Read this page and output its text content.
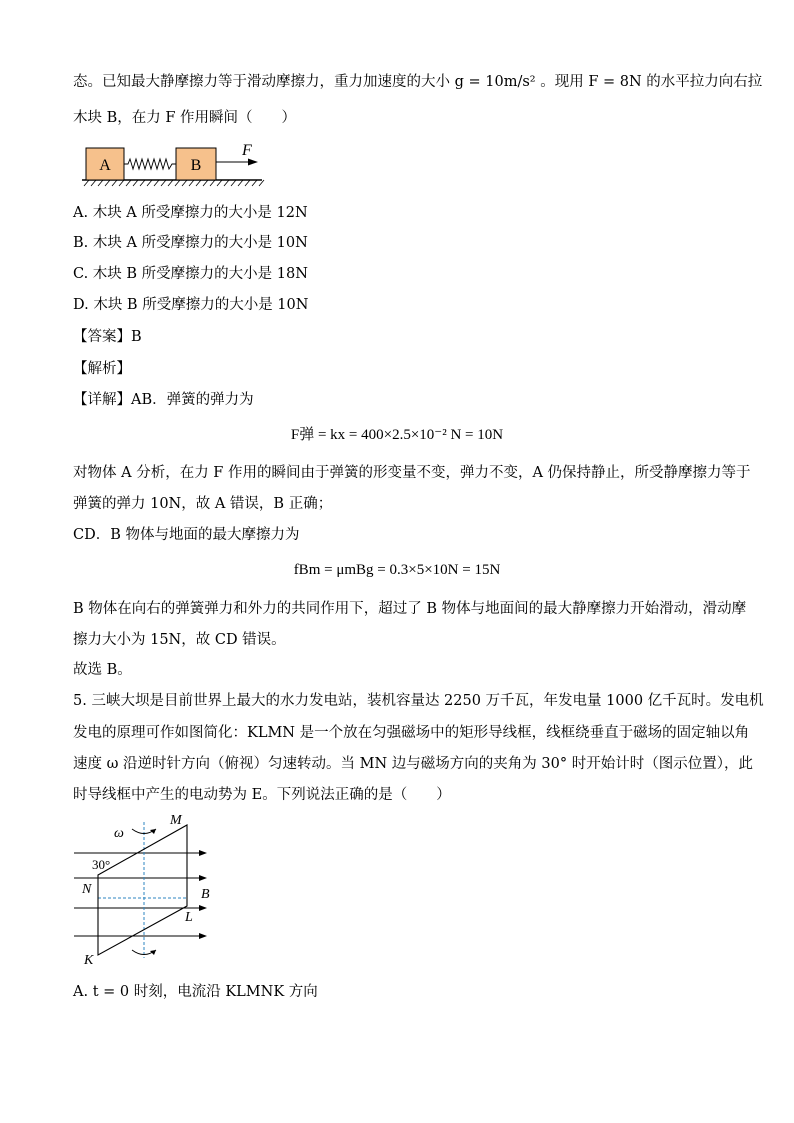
态。已知最大静摩擦力等于滑动摩擦力，重力加速度的大小 g = 10m/s² 。现用 F = 8N 的水平拉力向右拉
木块 B，在力 F 作用瞬间（　　）
A	B
F
A. 木块 A 所受摩擦力的大小是 12N
B. 木块 A 所受摩擦力的大小是 10N
C. 木块 B 所受摩擦力的大小是 18N
D. 木块 B 所受摩擦力的大小是 10N
【答案】B
【解析】
【详解】AB．弹簧的弹力为
F弹 = kx = 400×2.5×10⁻² N = 10N
对物体 A 分析，在力 F 作用的瞬间由于弹簧的形变量不变，弹力不变，A 仍保持静止，所受静摩擦力等于
弹簧的弹力 10N，故 A 错误，B 正确；
CD．B 物体与地面的最大摩擦力为
fBm = μmBg = 0.3×5×10N = 15N
B 物体在向右的弹簧弹力和外力的共同作用下，超过了 B 物体与地面间的最大静摩擦力开始滑动，滑动摩
擦力大小为 15N，故 CD 错误。
故选 B。
5. 三峡大坝是目前世界上最大的水力发电站，装机容量达 2250 万千瓦，年发电量 1000 亿千瓦时。发电机
发电的原理可作如图简化：KLMN 是一个放在匀强磁场中的矩形导线框，线框绕垂直于磁场的固定轴以角
速度 ω 沿逆时针方向（俯视）匀速转动。当 MN 边与磁场方向的夹角为 30° 时开始计时（图示位置），此
时导线框中产生的电动势为 E。下列说法正确的是（　　）
ω
M
30°
N	B
L
K
A. t = 0 时刻，电流沿 KLMNK 方向
